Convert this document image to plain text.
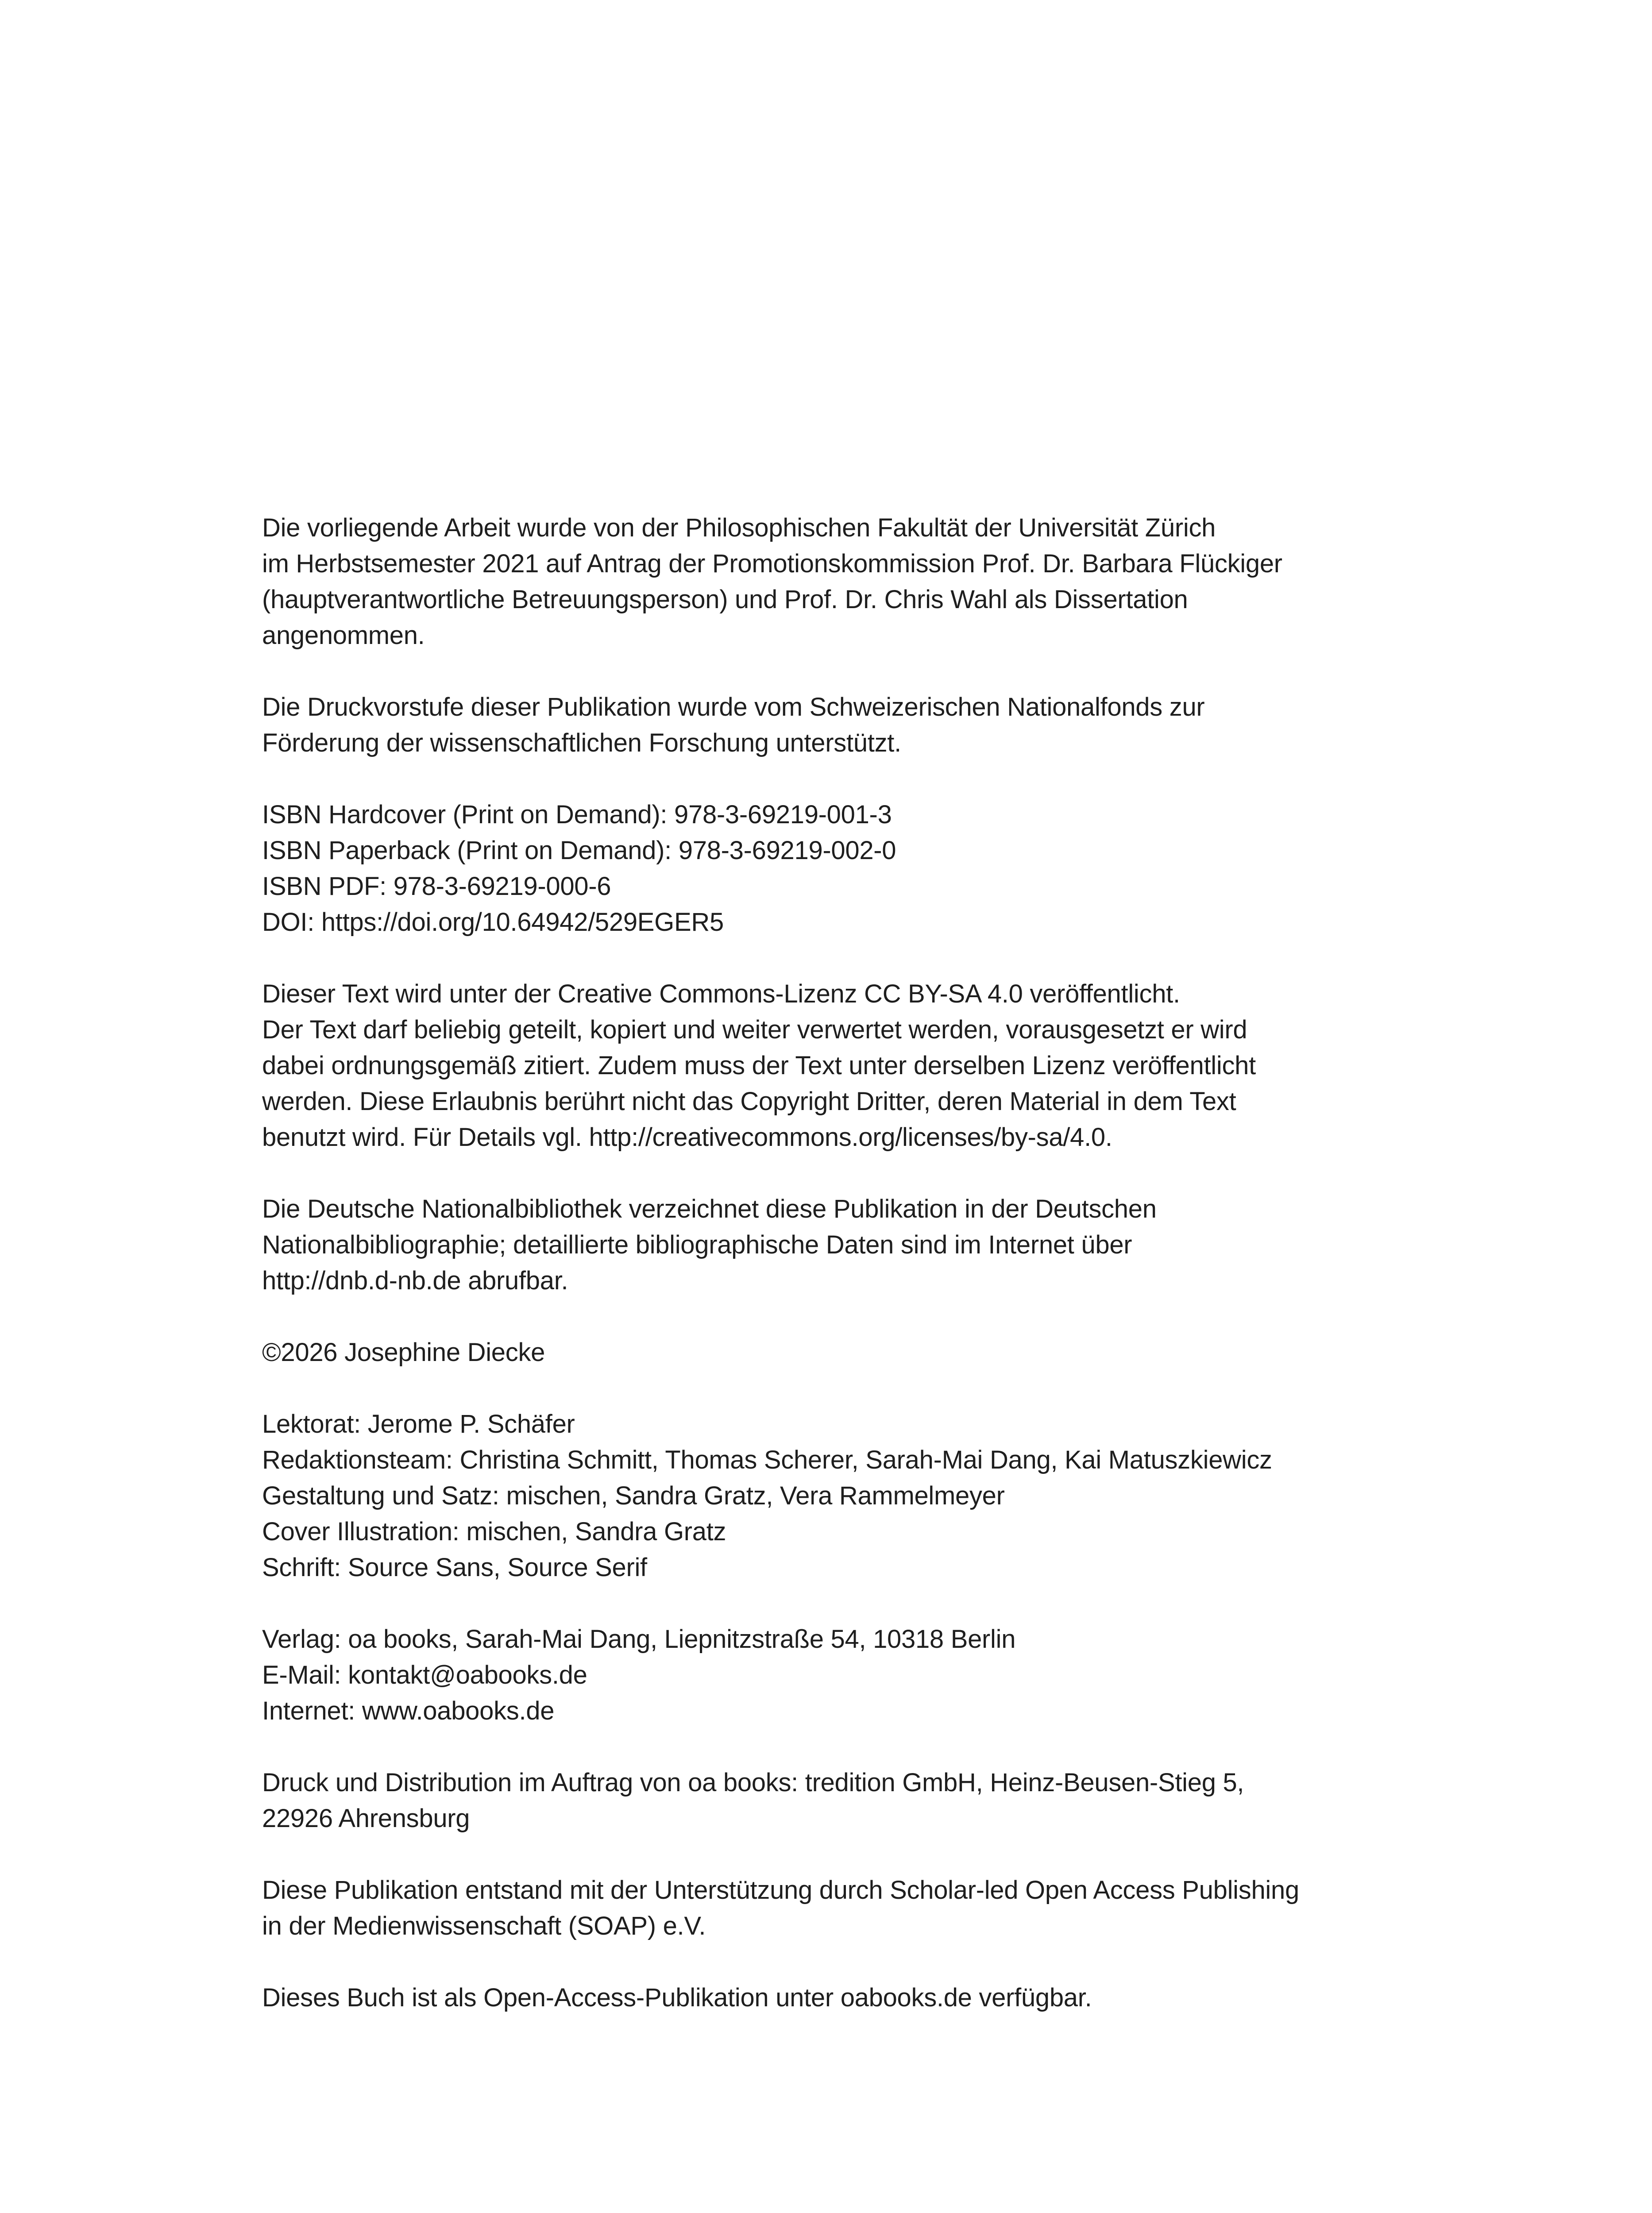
Die vorliegende Arbeit wurde von der Philosophischen Fakultät der Universität Zürich
im Herbstsemester 2021 auf Antrag der Promotionskommission Prof. Dr. Barbara Flückiger
(hauptverantwortliche Betreuungsperson) und Prof. Dr. Chris Wahl als Dissertation
angenommen.

Die Druckvorstufe dieser Publikation wurde vom Schweizerischen Nationalfonds zur
Förderung der wissenschaftlichen Forschung unterstützt.

ISBN Hardcover (Print on Demand): 978-3-69219-001-3
ISBN Paperback (Print on Demand): 978-3-69219-002-0
ISBN PDF: 978-3-69219-000-6
DOI: https://doi.org/10.64942/529EGER5

Dieser Text wird unter der Creative Commons-Lizenz CC BY-SA 4.0 veröffentlicht.
Der Text darf beliebig geteilt, kopiert und weiter verwertet werden, vorausgesetzt er wird
dabei ordnungsgemäß zitiert. Zudem muss der Text unter derselben Lizenz veröffentlicht
werden. Diese Erlaubnis berührt nicht das Copyright Dritter, deren Material in dem Text
benutzt wird. Für Details vgl. http://creativecommons.org/licenses/by-sa/4.0.

Die Deutsche Nationalbibliothek verzeichnet diese Publikation in der Deutschen
Nationalbibliographie; detaillierte bibliographische Daten sind im Internet über
http://dnb.d-nb.de abrufbar.

©2026 Josephine Diecke

Lektorat: Jerome P. Schäfer
Redaktionsteam: Christina Schmitt, Thomas Scherer, Sarah-Mai Dang, Kai Matuszkiewicz
Gestaltung und Satz: mischen, Sandra Gratz, Vera Rammelmeyer
Cover Illustration: mischen, Sandra Gratz
Schrift: Source Sans, Source Serif

Verlag: oa books, Sarah-Mai Dang, Liepnitzstraße 54, 10318 Berlin
E-Mail: kontakt@oabooks.de
Internet: www.oabooks.de

Druck und Distribution im Auftrag von oa books: tredition GmbH, Heinz-Beusen-Stieg 5,
22926 Ahrensburg

Diese Publikation entstand mit der Unterstützung durch Scholar-led Open Access Publishing
in der Medienwissenschaft (SOAP) e.V.

Dieses Buch ist als Open-Access-Publikation unter oabooks.de verfügbar.
